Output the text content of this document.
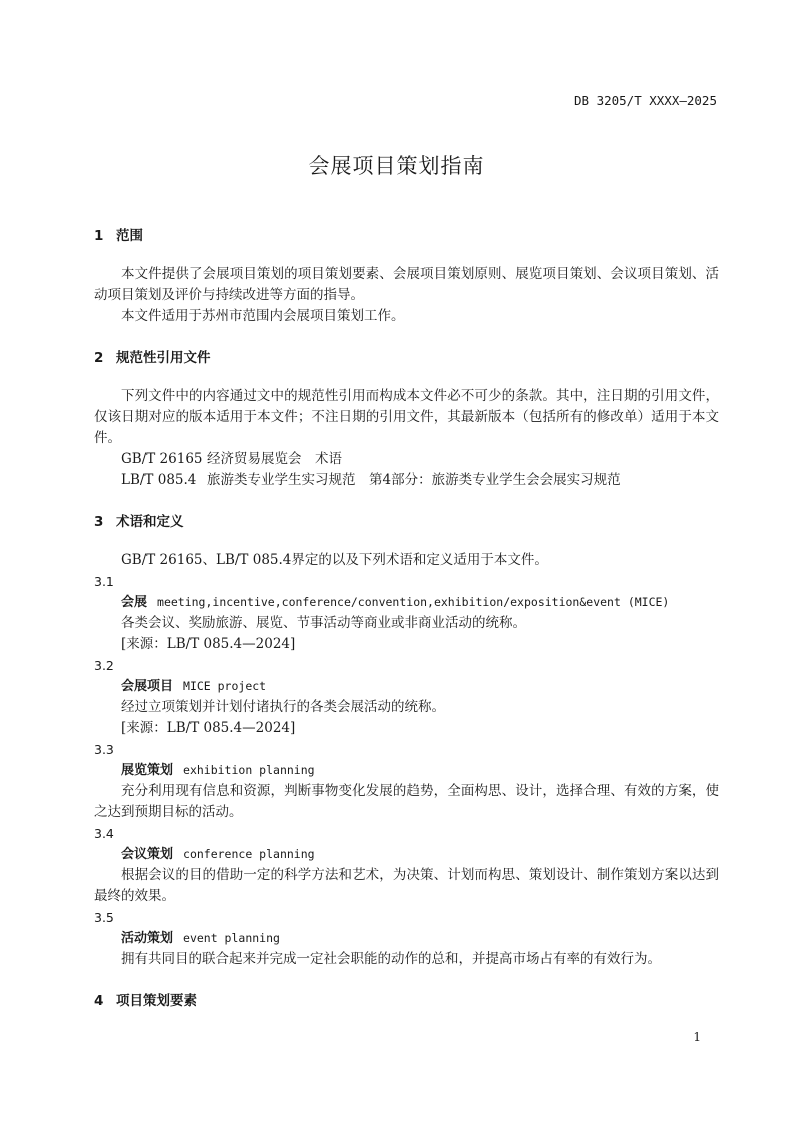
DB 3205/T XXXX—2025
会展项目策划指南
1 范围
本文件提供了会展项目策划的项目策划要素、会展项目策划原则、展览项目策划、会议项目策划、活动项目策划及评价与持续改进等方面的指导。
本文件适用于苏州市范围内会展项目策划工作。
2 规范性引用文件
下列文件中的内容通过文中的规范性引用而构成本文件必不可少的条款。其中，注日期的引用文件，仅该日期对应的版本适用于本文件；不注日期的引用文件，其最新版本（包括所有的修改单）适用于本文件。
GB/T 26165 经济贸易展览会　术语
LB/T 085.4 旅游类专业学生实习规范　第4部分：旅游类专业学生会会展实习规范
3 术语和定义
GB/T 26165、LB/T 085.4界定的以及下列术语和定义适用于本文件。
3.1
会展 meeting,incentive,conference/convention,exhibition/exposition&event (MICE)
各类会议、奖励旅游、展览、节事活动等商业或非商业活动的统称。
[来源：LB/T 085.4—2024]
3.2
会展项目 MICE project
经过立项策划并计划付诸执行的各类会展活动的统称。
[来源：LB/T 085.4—2024]
3.3
展览策划 exhibition planning
充分利用现有信息和资源，判断事物变化发展的趋势，全面构思、设计，选择合理、有效的方案，使之达到预期目标的活动。
3.4
会议策划 conference planning
根据会议的目的借助一定的科学方法和艺术，为决策、计划而构思、策划设计、制作策划方案以达到最终的效果。
3.5
活动策划 event planning
拥有共同目的联合起来并完成一定社会职能的动作的总和，并提高市场占有率的有效行为。
4 项目策划要素
1
